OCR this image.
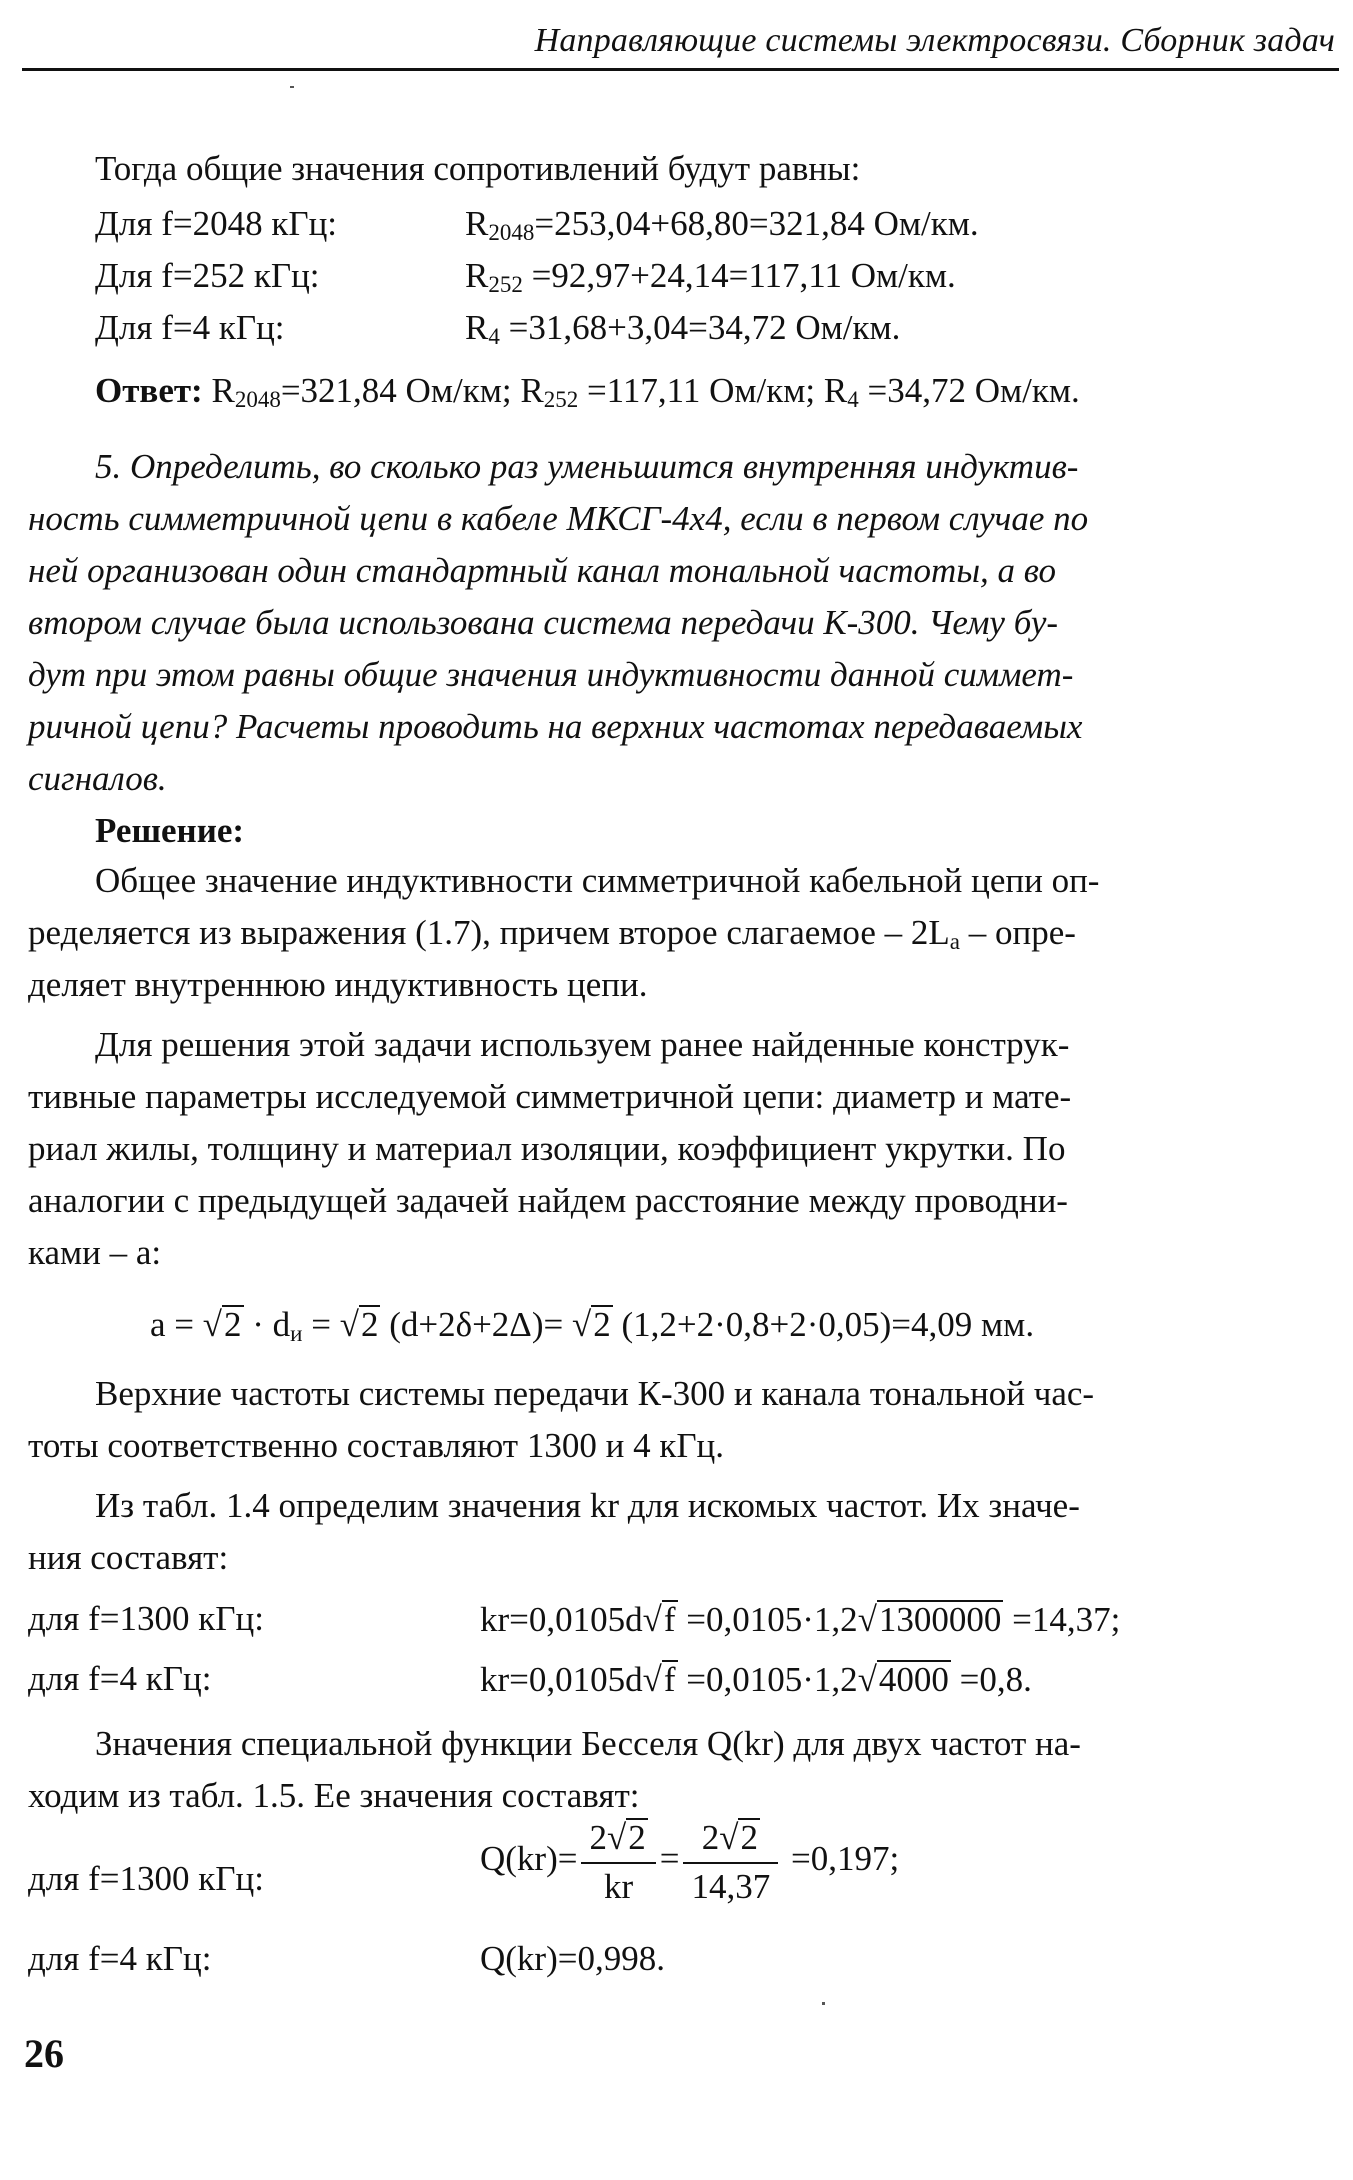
Направляющие системы электросвязи. Сборник задач
Тогда общие значения сопротивлений будут равны:
Для f=2048 кГц:	$R_{2048}=253,04+68,80=321,84$ Ом/км.
Для f=252 кГц:	$R_{252} =92,97+24,14=117,11$ Ом/км.
Для f=4 кГц:	$R_4 =31,68+3,04=34,72$ Ом/км.
Ответ: $R_{2048}=321,84$ Ом/км; $R_{252} =117,11$ Ом/км; $R_4 =34,72$ Ом/км.
5. Определить, во сколько раз уменьшится внутренняя индуктив-
ность симметричной цепи в кабеле МКСГ-4х4, если в первом случае по
ней организован один стандартный канал тональной частоты, а во
втором случае была использована система передачи К-300. Чему бу-
дут при этом равны общие значения индуктивности данной симмет-
ричной цепи? Расчеты проводить на верхних частотах передаваемых
сигналов.
Решение:
Общее значение индуктивности симметричной кабельной цепи оп-
ределяется из выражения (1.7), причем второе слагаемое – $2L_а$ – опре-
деляет внутреннюю индуктивность цепи.
Для решения этой задачи используем ранее найденные конструк-
тивные параметры исследуемой симметричной цепи: диаметр и мате-
риал жилы, толщину и материал изоляции, коэффициент укрутки. По
аналогии с предыдущей задачей найдем расстояние между проводни-
ками – а:
$a = √2 \cdot d_и = √2$ (d+2δ+2Δ)= √2 (1,2+2·0,8+2·0,05)=4,09 мм.
Верхние частоты системы передачи К-300 и канала тональной час-
тоты соответственно составляют 1300 и 4 кГц.
Из табл. 1.4 определим значения kr для искомых частот. Их значе-
ния составят:
для f=1300 кГц:	kr=0,0105d√f =0,0105·1,2√1300000 =14,37;
для f=4 кГц:	kr=0,0105d√f =0,0105·1,2√4000 =0,8.
Значения специальной функции Бесселя Q(kr) для двух частот на-
ходим из табл. 1.5. Ее значения составят:
для f=1300 кГц:
$Q(kr)= \frac{2√2}{kr} = \frac{2√2}{14,37} =0,197$;
для f=4 кГц:	Q(kr)=0,998.
26
